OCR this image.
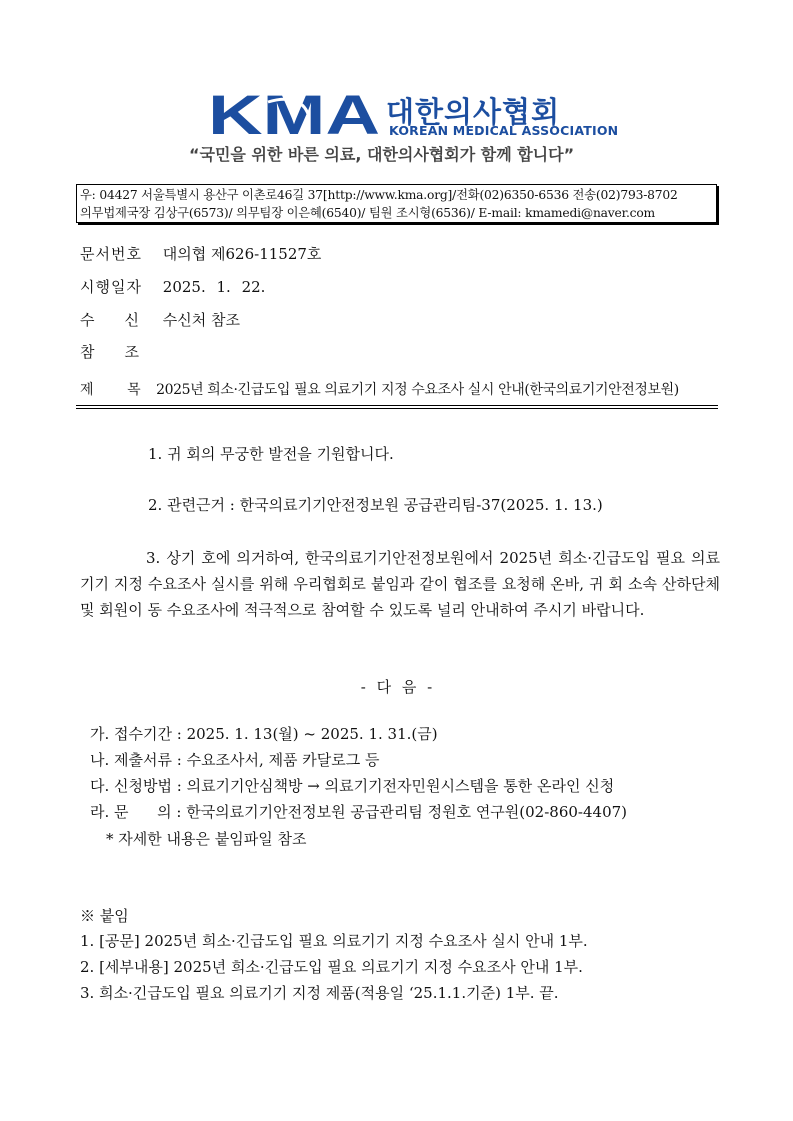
KMA 대한의사협회
KOREAN MEDICAL ASSOCIATION
“국민을 위한 바른 의료, 대한의사협회가 함께 합니다”
우: 04427 서울특별시 용산구 이촌로46길 37[http://www.kma.org]/전화(02)6350-6536 전송(02)793-8702
의무법제국장 김상구(6573)/ 의무팀장 이은혜(6540)/ 팀원 조시형(6536)/ E-mail: kmamedi@naver.com
문서번호 대의협 제626-11527호
시행일자 2025. 1. 22.
수 신 수신처 참조
참 조
제 목 2025년 희소·긴급도입 필요 의료기기 지정 수요조사 실시 안내(한국의료기기안전정보원)
1. 귀 회의 무궁한 발전을 기원합니다.
2. 관련근거 : 한국의료기기안전정보원 공급관리팀-37(2025. 1. 13.)
3. 상기 호에 의거하여, 한국의료기기안전정보원에서 2025년 희소·긴급도입 필요 의료기기 지정 수요조사 실시를 위해 우리협회로 붙임과 같이 협조를 요청해 온바, 귀 회 소속 산하단체 및 회원이 동 수요조사에 적극적으로 참여할 수 있도록 널리 안내하여 주시기 바랍니다.
- 다 음 -
가. 접수기간 : 2025. 1. 13(월) ~ 2025. 1. 31.(금)
나. 제출서류 : 수요조사서, 제품 카달로그 등
다. 신청방법 : 의료기기안심책방 → 의료기기전자민원시스템을 통한 온라인 신청
라. 문      의 : 한국의료기기안전정보원 공급관리팀 정원호 연구원(02-860-4407)
* 자세한 내용은 붙임파일 참조
※ 붙임
1. [공문] 2025년 희소·긴급도입 필요 의료기기 지정 수요조사 실시 안내 1부.
2. [세부내용] 2025년 희소·긴급도입 필요 의료기기 지정 수요조사 안내 1부.
3. 희소·긴급도입 필요 의료기기 지정 제품(적용일 ‘25.1.1.기준) 1부. 끝.
